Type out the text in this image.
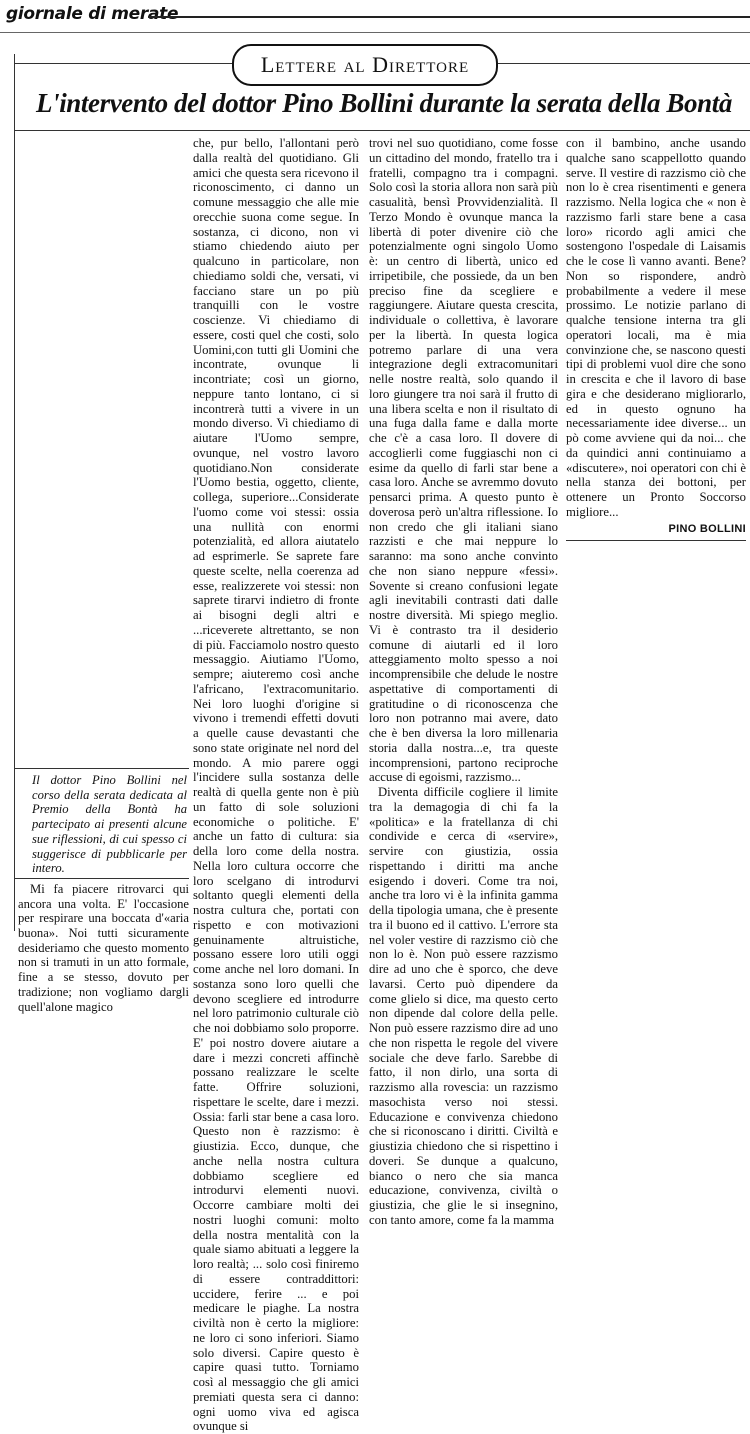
giornale di merate
Lettere al Direttore
L'intervento del dottor Pino Bollini durante la serata della Bontà

che, pur bello, l'allontani però dalla realtà del quotidiano. Gli amici che questa sera ricevono il riconoscimento, ci danno un comune messaggio che alle mie orecchie suona come segue. In sostanza, ci dicono, non vi stiamo chiedendo aiuto per qualcuno in particolare, non chiediamo soldi che, versati, vi facciano stare un po più tranquilli con le vostre coscienze. Vi chiediamo di essere, costi quel che costi, solo Uomini,con tutti gli Uomini che incontrate, ovunque li incontriate; così un giorno, neppure tanto lontano, ci si incontrerà tutti a vivere in un mondo diverso. Vi chiediamo di aiutare l'Uomo sempre, ovunque, nel vostro lavoro quotidiano.Non considerate l'Uomo bestia, oggetto, cliente, collega, superiore...Considerate l'uomo come voi stessi: ossia una nullità con enormi potenzialità, ed allora aiutatelo ad esprimerle. Se saprete fare queste scelte, nella coerenza ad esse, realizzerete voi stessi: non saprete tirarvi indietro di fronte ai bisogni degli altri e ...riceverete altrettanto, se non di più. Facciamolo nostro questo messaggio. Aiutiamo l'Uomo, sempre; aiuteremo così anche l'africano, l'extracomunitario. Nei loro luoghi d'origine si vivono i tremendi effetti dovuti a quelle cause devastanti che sono state originate nel nord del mondo. A mio parere oggi l'incidere sulla sostanza delle realtà di quella gente non è più un fatto di sole soluzioni economiche o politiche. E' anche un fatto di cultura: sia della loro come della nostra. Nella loro cultura occorre che loro scelgano di introdurvi soltanto quegli elementi della nostra cultura che, portati con rispetto e con motivazioni genuinamente altruistiche, possano essere loro utili oggi come anche nel loro domani. In sostanza sono loro quelli che devono scegliere ed introdurre nel loro patrimonio culturale ciò che noi dobbiamo solo proporre. E' poi nostro dovere aiutare a dare i mezzi concreti affinchè possano realizzare le scelte fatte. Offrire soluzioni, rispettare le scelte, dare i mezzi. Ossia: farli star bene a casa loro. Questo non è razzismo: è giustizia. Ecco, dunque, che anche nella nostra cultura dobbiamo scegliere ed introdurvi elementi nuovi. Occorre cambiare molti dei nostri luoghi comuni: molto della nostra mentalità con la quale siamo abituati a leggere la loro realtà; ... solo così finiremo di essere contraddittori: uccidere, ferire ... e poi medicare le piaghe. La nostra civiltà non è certo la migliore: ne loro ci sono inferiori. Siamo solo diversi. Capire questo è capire quasi tutto. Torniamo così al messaggio che gli amici premiati questa sera ci danno: ogni uomo viva ed agisca ovunque si

trovi nel suo quotidiano, come fosse un cittadino del mondo, fratello tra i fratelli, compagno tra i compagni. Solo così la storia allora non sarà più casualità, bensì Provvidenzialità. Il Terzo Mondo è ovunque manca la libertà di poter divenire ciò che potenzialmente ogni singolo Uomo è: un centro di libertà, unico ed irripetibile, che possiede, da un ben preciso fine da scegliere e raggiungere. Aiutare questa crescita, individuale o collettiva, è lavorare per la libertà. In questa logica potremo parlare di una vera integrazione degli extracomunitari nelle nostre realtà, solo quando il loro giungere tra noi sarà il frutto di una libera scelta e non il risultato di una fuga dalla fame e dalla morte che c'è a casa loro. Il dovere di accoglierli come fuggiaschi non ci esime da quello di farli star bene a casa loro. Anche se avremmo dovuto pensarci prima. A questo punto è doverosa però un'altra riflessione. Io non credo che gli italiani siano razzisti e che mai neppure lo saranno: ma sono anche convinto che non siano neppure «fessi». Sovente si creano confusioni legate agli inevitabili contrasti dati dalle nostre diversità. Mi spiego meglio. Vi è contrasto tra il desiderio comune di aiutarli ed il loro atteggiamento molto spesso a noi incomprensibile che delude le nostre aspettative di comportamenti di gratitudine o di riconoscenza che loro non potranno mai avere, dato che è ben diversa la loro millenaria storia dalla nostra...e, tra queste incomprensioni, partono reciproche accuse di egoismi, razzismo...

Diventa difficile cogliere il limite tra la demagogia di chi fa la «politica» e la fratellanza di chi condivide e cerca di «servire», servire con giustizia, ossia rispettando i diritti ma anche esigendo i doveri. Come tra noi, anche tra loro vi è la infinita gamma della tipologia umana, che è presente tra il buono ed il cattivo. L'errore sta nel voler vestire di razzismo ciò che non lo è. Non può essere razzismo dire ad uno che è sporco, che deve lavarsi. Certo può dipendere da come glielo si dice, ma questo certo non dipende dal colore della pelle. Non può essere razzismo dire ad uno che non rispetta le regole del vivere sociale che deve farlo. Sarebbe di fatto, il non dirlo, una sorta di razzismo alla rovescia: un razzismo masochista verso noi stessi. Educazione e convivenza chiedono che si riconoscano i diritti. Civiltà e giustizia chiedono che si rispettino i doveri. Se dunque a qualcuno, bianco o nero che sia manca educazione, convivenza, civiltà o giustizia, che glie le si insegnino, con tanto amore, come fa la mamma

con il bambino, anche usando qualche sano scappellotto quando serve. Il vestire di razzismo ciò che non lo è crea risentimenti e genera razzismo. Nella logica che « non è razzismo farli stare bene a casa loro» ricordo agli amici che sostengono l'ospedale di Laisamis che le cose lì vanno avanti. Bene? Non so rispondere, andrò probabilmente a vedere il mese prossimo. Le notizie parlano di qualche tensione interna tra gli operatori locali, ma è mia convinzione che, se nascono questi tipi di problemi vuol dire che sono in crescita e che il lavoro di base gira e che desiderano migliorarlo, ed in questo ognuno ha necessariamente idee diverse... un pò come avviene qui da noi... che da quindici anni continuiamo a «discutere», noi operatori con chi è nella stanza dei bottoni, per ottenere un Pronto Soccorso migliore...

PINO BOLLINI

Il dottor Pino Bollini nel corso della serata dedicata al Premio della Bontà ha partecipato ai presenti alcune sue riflessioni, di cui spesso ci suggerisce di pubblicarle per intero.

Mi fa piacere ritrovarci qui ancora una volta. E' l'occasione per respirare una boccata d'«aria buona». Noi tutti sicuramente desideriamo che questo momento non si tramuti in un atto formale, fine a se stesso, dovuto per tradizione; non vogliamo dargli quell'alone magico
